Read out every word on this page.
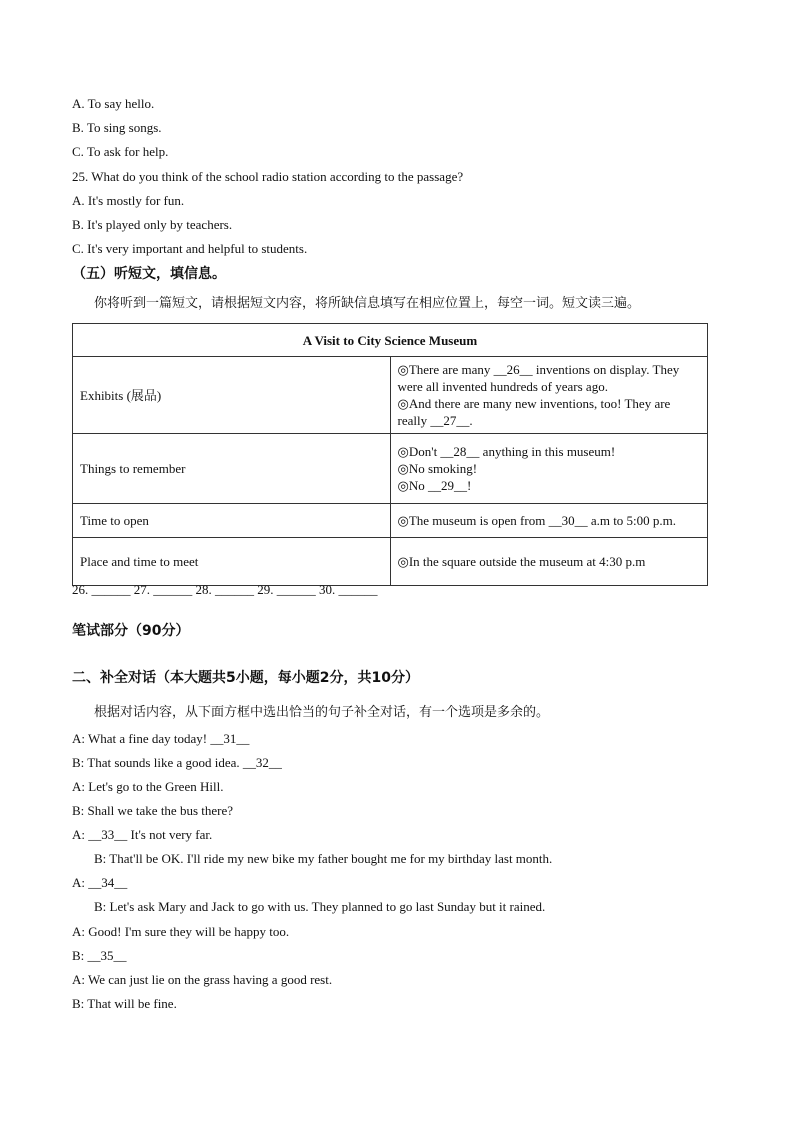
A. To say hello.
B. To sing songs.
C. To ask for help.
25. What do you think of the school radio station according to the passage?
A. It's mostly for fun.
B. It's played only by teachers.
C. It's very important and helpful to students.
（五）听短文，填信息。
你将听到一篇短文，请根据短文内容，将所缺信息填写在相应位置上，每空一词。短文读三遍。
A Visit to City Science Museum	
Exhibits (展品)	◎There are many __26__ inventions on display. They were all invented hundreds of years ago.
◎And there are many new inventions, too! They are really __27__.

Things to remember	◎Don't __28__ anything in this museum!
◎No smoking!
◎No __29__!

Time to open	◎The museum is open from __30__ a.m to 5:00 p.m.

Place and time to meet	◎In the square outside the museum at 4:30 p.m
26. ______ 27. ______ 28. ______ 29. ______ 30. ______
笔试部分（90分）
二、补全对话（本大题共5小题，每小题2分，共10分）
根据对话内容，从下面方框中选出恰当的句子补全对话，有一个选项是多余的。
A: What a fine day today! __31__
B: That sounds like a good idea. __32__
A: Let's go to the Green Hill.
B: Shall we take the bus there?
A: __33__ It's not very far.
B: That'll be OK. I'll ride my new bike my father bought me for my birthday last month.
A: __34__
B: Let's ask Mary and Jack to go with us. They planned to go last Sunday but it rained.
A: Good! I'm sure they will be happy too.
B: __35__
A: We can just lie on the grass having a good rest.
B: That will be fine.
